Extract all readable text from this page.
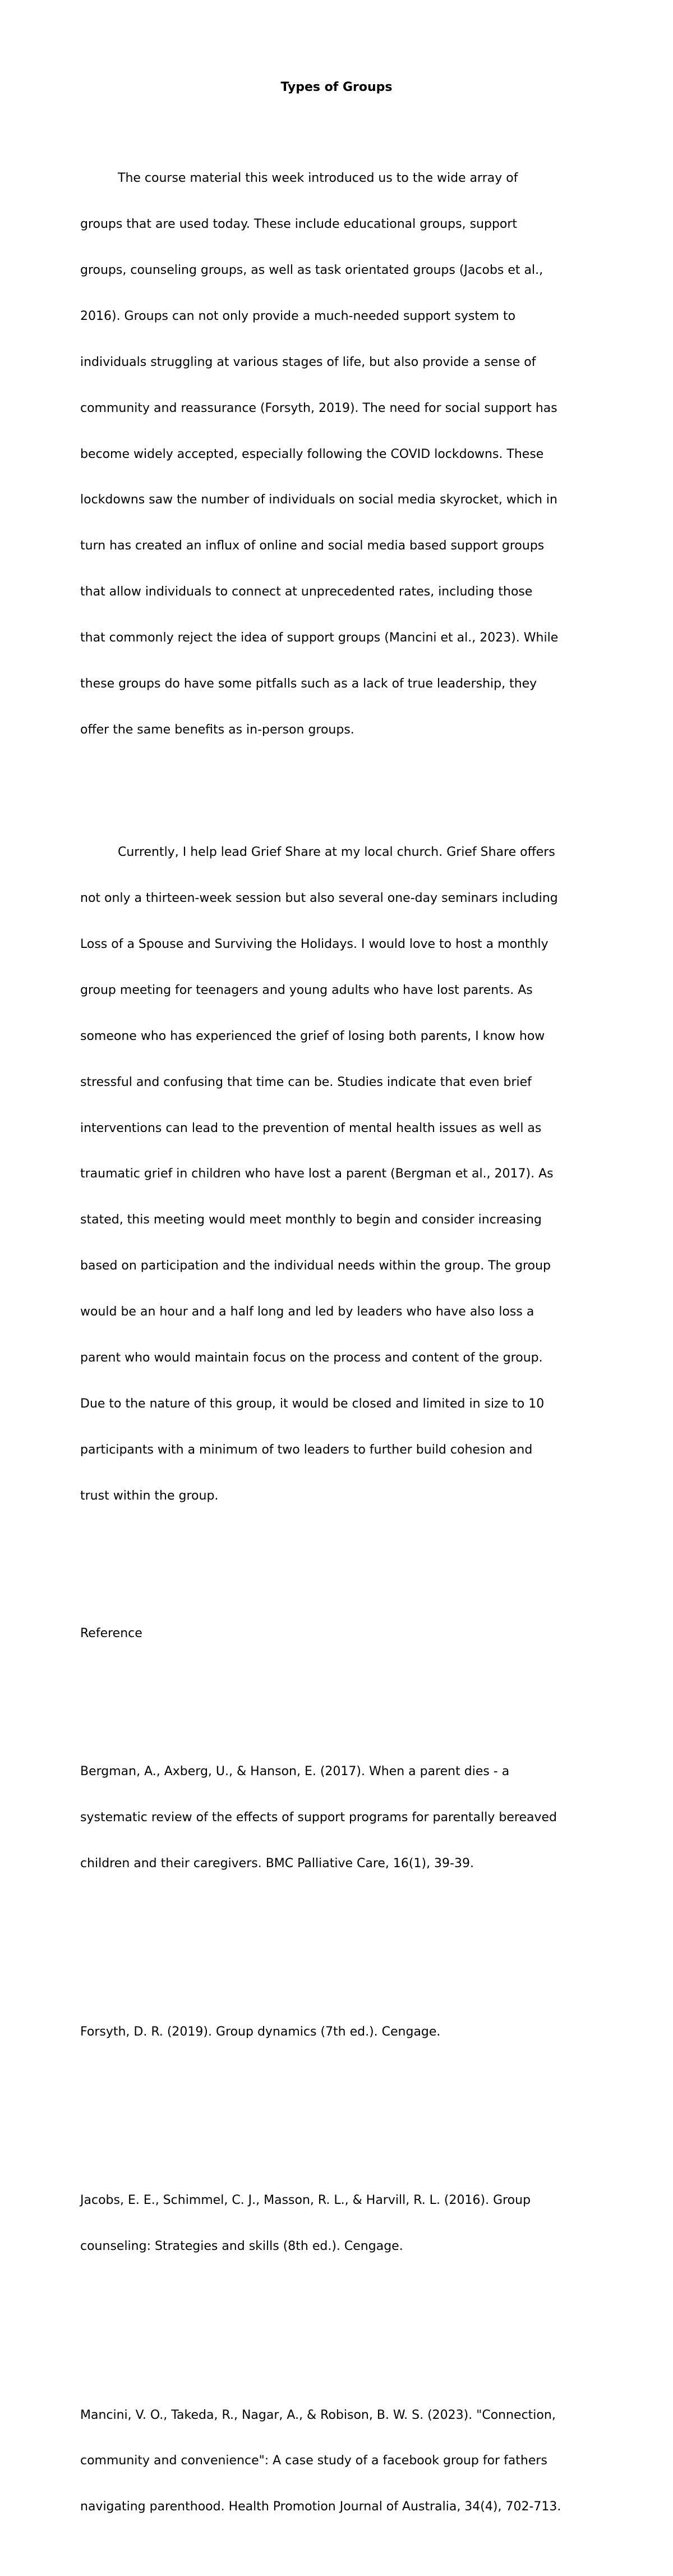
Types of Groups

The course material this week introduced us to the wide array of

groups that are used today. These include educational groups, support

groups, counseling groups, as well as task orientated groups (Jacobs et al.,

2016). Groups can not only provide a much-needed support system to

individuals struggling at various stages of life, but also provide a sense of

community and reassurance (Forsyth, 2019). The need for social support has

become widely accepted, especially following the COVID lockdowns. These

lockdowns saw the number of individuals on social media skyrocket, which in

turn has created an influx of online and social media based support groups

that allow individuals to connect at unprecedented rates, including those

that commonly reject the idea of support groups (Mancini et al., 2023). While

these groups do have some pitfalls such as a lack of true leadership, they

offer the same benefits as in-person groups.

Currently, I help lead Grief Share at my local church. Grief Share offers

not only a thirteen-week session but also several one-day seminars including

Loss of a Spouse and Surviving the Holidays. I would love to host a monthly

group meeting for teenagers and young adults who have lost parents. As

someone who has experienced the grief of losing both parents, I know how

stressful and confusing that time can be. Studies indicate that even brief

interventions can lead to the prevention of mental health issues as well as

traumatic grief in children who have lost a parent (Bergman et al., 2017). As

stated, this meeting would meet monthly to begin and consider increasing

based on participation and the individual needs within the group. The group

would be an hour and a half long and led by leaders who have also loss a

parent who would maintain focus on the process and content of the group.

Due to the nature of this group, it would be closed and limited in size to 10

participants with a minimum of two leaders to further build cohesion and

trust within the group.

Reference

Bergman, A., Axberg, U., & Hanson, E. (2017). When a parent dies - a

systematic review of the effects of support programs for parentally bereaved

children and their caregivers. BMC Palliative Care, 16(1), 39-39.

Forsyth, D. R. (2019). Group dynamics (7th ed.). Cengage.

Jacobs, E. E., Schimmel, C. J., Masson, R. L., & Harvill, R. L. (2016). Group

counseling: Strategies and skills (8th ed.). Cengage.

Mancini, V. O., Takeda, R., Nagar, A., & Robison, B. W. S. (2023). "Connection,

community and convenience": A case study of a facebook group for fathers

navigating parenthood. Health Promotion Journal of Australia, 34(4), 702-713.
